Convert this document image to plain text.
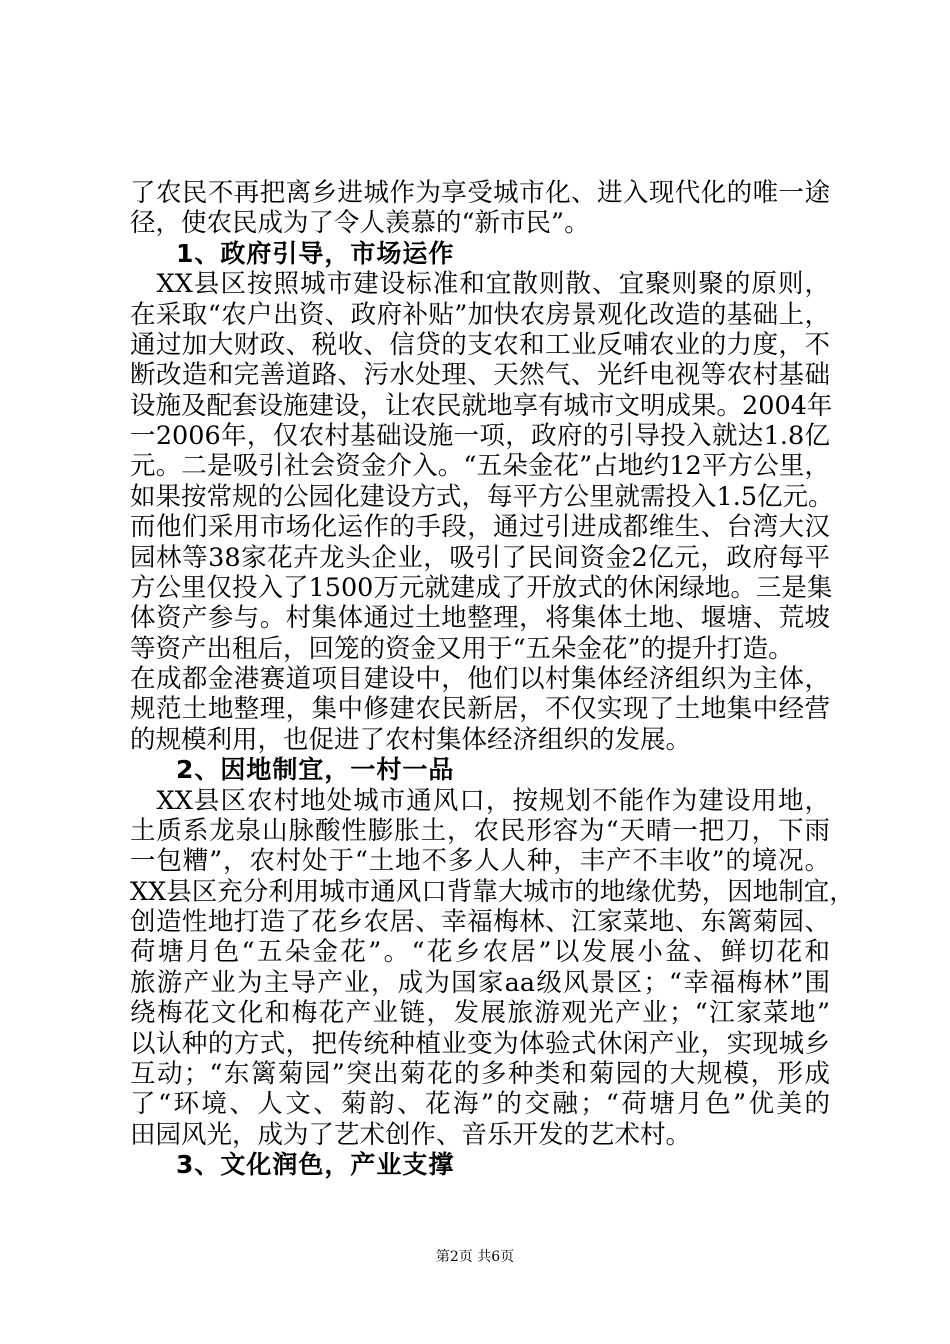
了农民不再把离乡进城作为享受城市化、进入现代化的唯一途
径，使农民成为了令人羡慕的“新市民”。
1、政府引导，市场运作
　XX县区按照城市建设标准和宜散则散、宜聚则聚的原则，
在采取“农户出资、政府补贴”加快农房景观化改造的基础上，
通过加大财政、税收、信贷的支农和工业反哺农业的力度，不
断改造和完善道路、污水处理、天然气、光纤电视等农村基础
设施及配套设施建设，让农民就地享有城市文明成果。2004年
一2006年，仅农村基础设施一项，政府的引导投入就达1.8亿
元。二是吸引社会资金介入。“五朵金花”占地约12平方公里，
如果按常规的公园化建设方式，每平方公里就需投入1.5亿元。
而他们采用市场化运作的手段，通过引进成都维生、台湾大汉
园林等38家花卉龙头企业，吸引了民间资金2亿元，政府每平
方公里仅投入了1500万元就建成了开放式的休闲绿地。三是集
体资产参与。村集体通过土地整理，将集体土地、堰塘、荒坡
等资产出租后，回笼的资金又用于“五朵金花”的提升打造。
在成都金港赛道项目建设中，他们以村集体经济组织为主体，
规范土地整理，集中修建农民新居，不仅实现了土地集中经营
的规模利用，也促进了农村集体经济组织的发展。
2、因地制宜，一村一品
　XX县区农村地处城市通风口，按规划不能作为建设用地，
土质系龙泉山脉酸性膨胀土，农民形容为“天晴一把刀，下雨
一包糟”，农村处于“土地不多人人种，丰产不丰收”的境况。
XX县区充分利用城市通风口背靠大城市的地缘优势，因地制宜，
创造性地打造了花乡农居、幸福梅林、江家菜地、东篱菊园、
荷塘月色“五朵金花”。“花乡农居”以发展小盆、鲜切花和
旅游产业为主导产业，成为国家aa级风景区；“幸福梅林”围
绕梅花文化和梅花产业链，发展旅游观光产业；“江家菜地”
以认种的方式，把传统种植业变为体验式休闲产业，实现城乡
互动；“东篱菊园”突出菊花的多种类和菊园的大规模，形成
了“环境、人文、菊韵、花海”的交融；“荷塘月色”优美的
田园风光，成为了艺术创作、音乐开发的艺术村。
3、文化润色，产业支撑
第2页 共6页
